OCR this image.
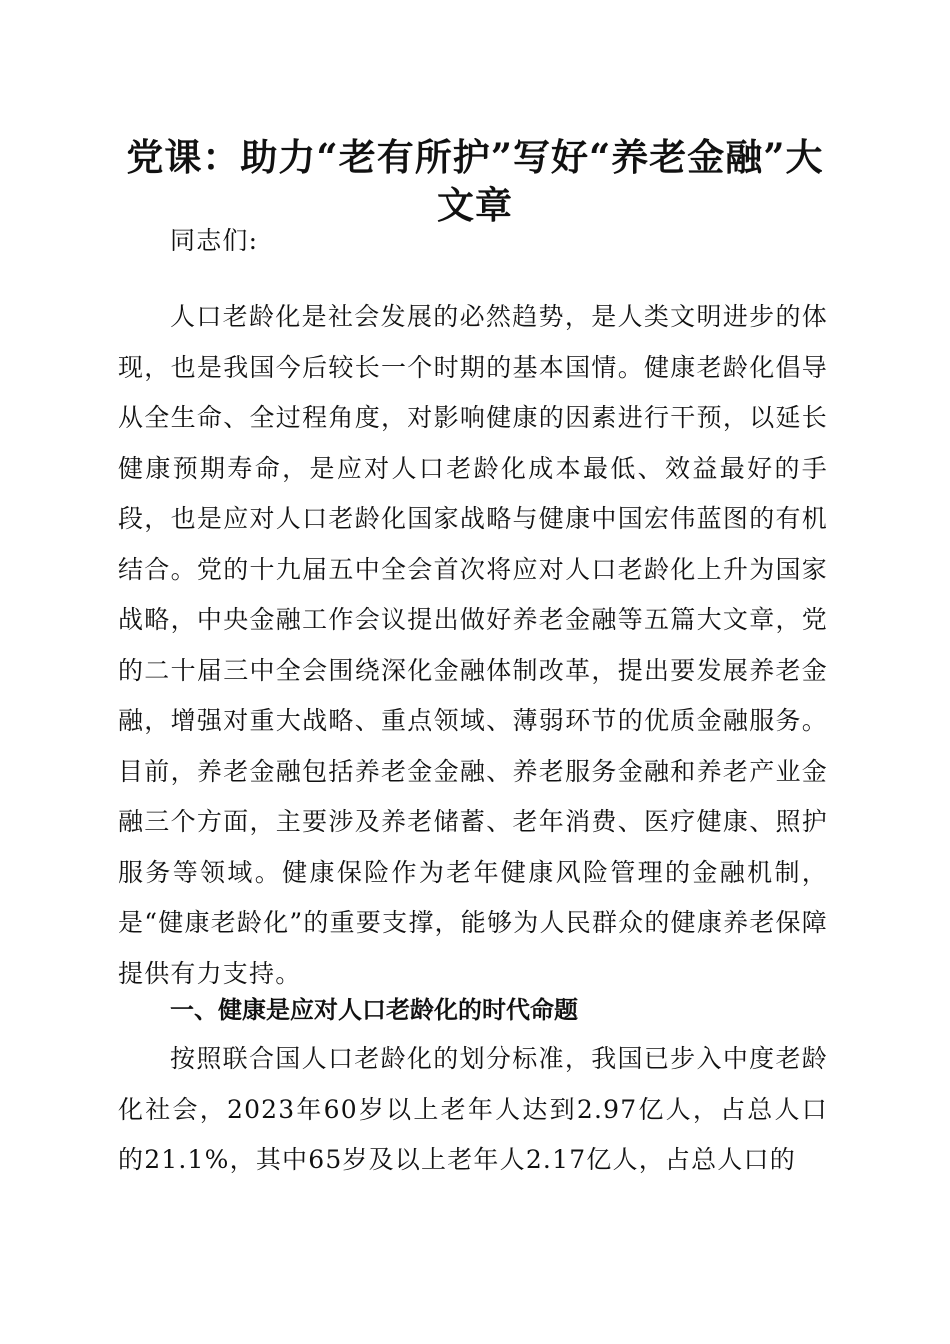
党课：助力“老有所护”写好“养老金融”大文章

同志们:

人口老龄化是社会发展的必然趋势，是人类文明进步的体现，也是我国今后较长一个时期的基本国情。健康老龄化倡导从全生命、全过程角度，对影响健康的因素进行干预，以延长健康预期寿命，是应对人口老龄化成本最低、效益最好的手段，也是应对人口老龄化国家战略与健康中国宏伟蓝图的有机结合。党的十九届五中全会首次将应对人口老龄化上升为国家战略，中央金融工作会议提出做好养老金融等五篇大文章，党的二十届三中全会围绕深化金融体制改革，提出要发展养老金融，增强对重大战略、重点领域、薄弱环节的优质金融服务。目前，养老金融包括养老金金融、养老服务金融和养老产业金融三个方面，主要涉及养老储蓄、老年消费、医疗健康、照护服务等领域。健康保险作为老年健康风险管理的金融机制，是“健康老龄化”的重要支撑，能够为人民群众的健康养老保障提供有力支持。

一、健康是应对人口老龄化的时代命题

按照联合国人口老龄化的划分标准，我国已步入中度老龄化社会，2023年60岁以上老年人达到2.97亿人，占总人口的21.1%，其中65岁及以上老年人2.17亿人，占总人口的
